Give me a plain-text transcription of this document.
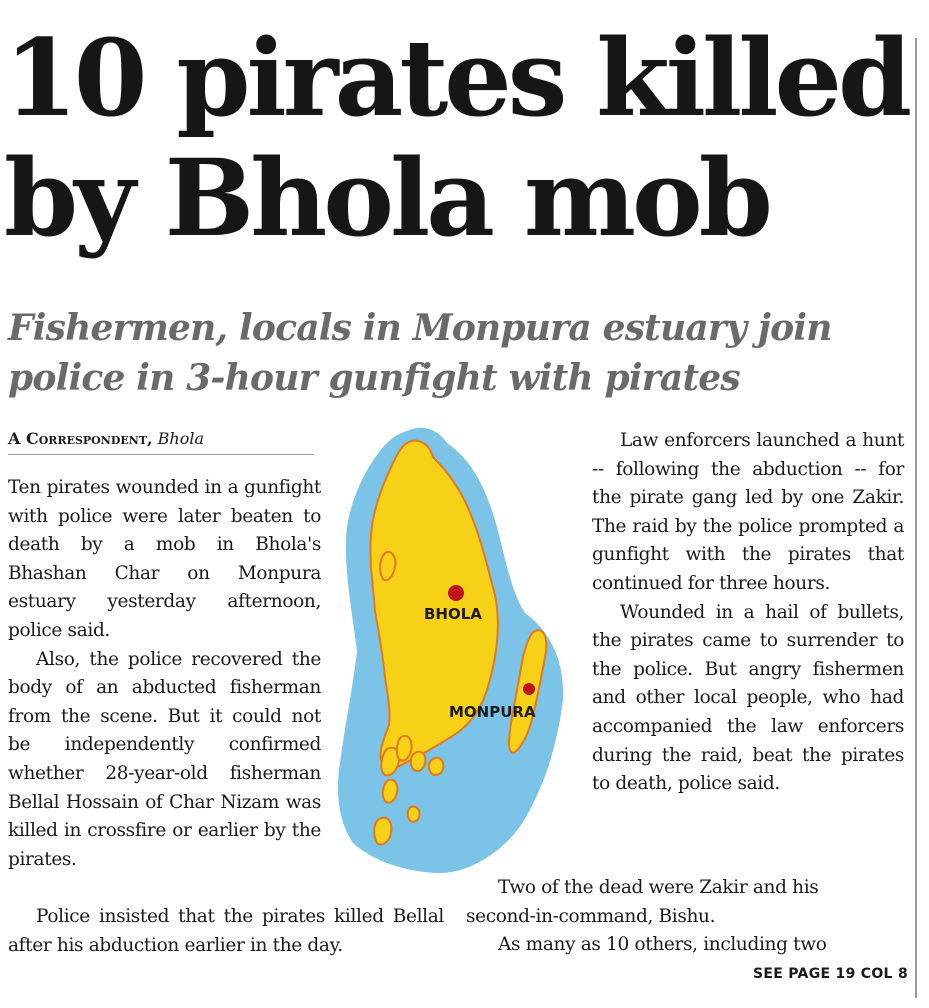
10 pirates killed
by Bhola mob
Fishermen, locals in Monpura estuary join
police in 3-hour gunfight with pirates
A Correspondent, Bhola

Ten pirates wounded in a gunfight with police were later beaten to death by a mob in Bhola's Bhashan Char on Monpura estuary yesterday afternoon, police said.

Also, the police recovered the body of an abducted fisherman from the scene. But it could not be independently confirmed whether 28-year-old fisherman Bellal Hossain of Char Nizam was killed in crossfire or earlier by the pirates.

Police insisted that the pirates killed Bellal after his abduction earlier in the day.

BHOLA
MONPURA

Law enforcers launched a hunt -- following the abduction -- for the pirate gang led by one Zakir. The raid by the police prompted a gunfight with the pirates that continued for three hours.

Wounded in a hail of bullets, the pirates came to surrender to the police. But angry fishermen and other local people, who had accompanied the law enforcers during the raid, beat the pirates to death, police said.

Two of the dead were Zakir and his

second-in-command, Bishu.

As many as 10 others, including two

SEE PAGE 19 COL 8
